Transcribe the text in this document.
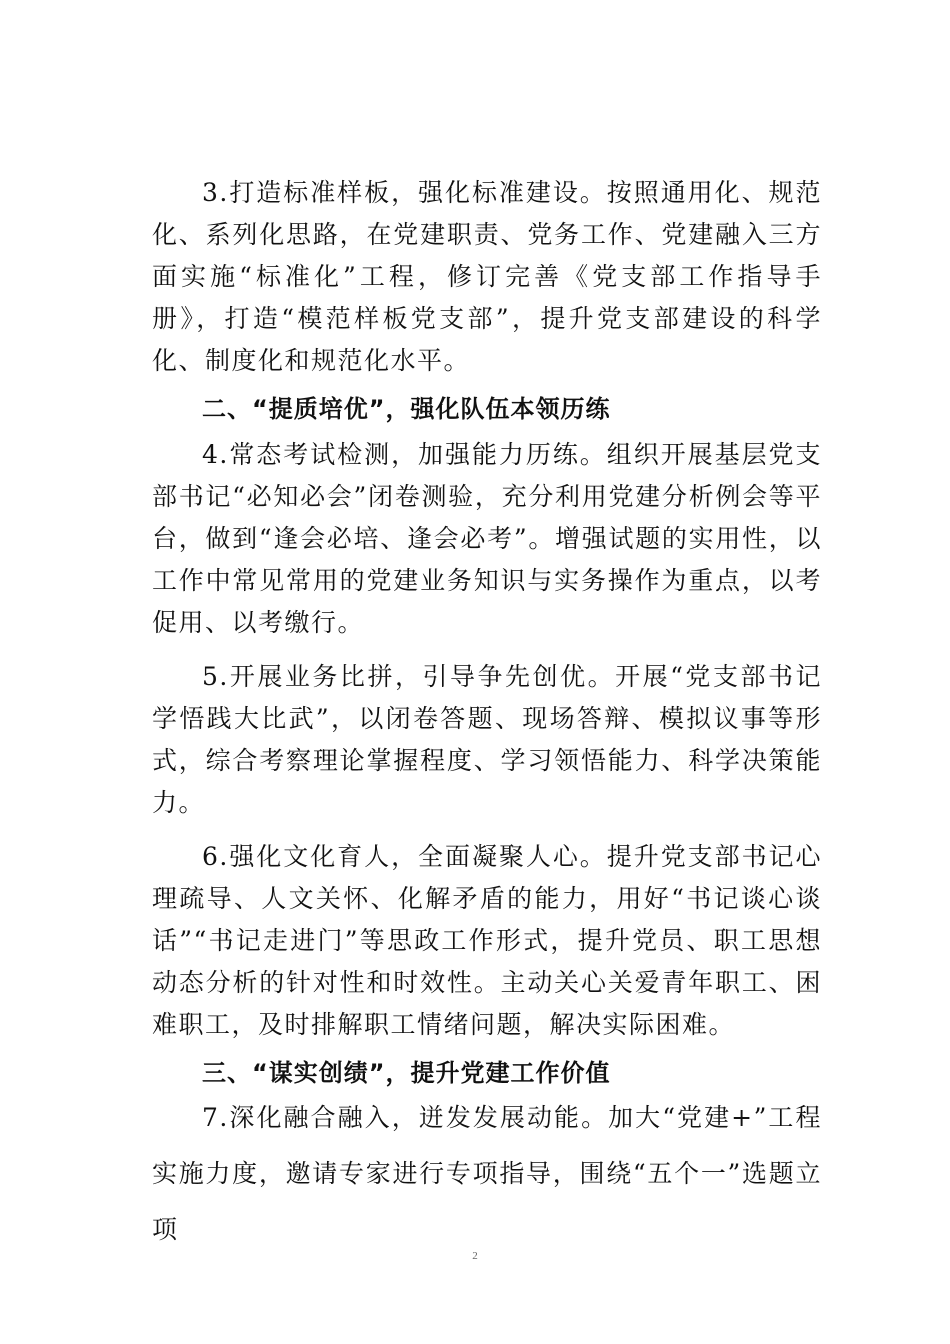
3.打造标准样板，强化标准建设。按照通用化、规范化、系列化思路，在党建职责、党务工作、党建融入三方面实施“标准化”工程，修订完善《党支部工作指导手册》，打造“模范样板党支部”，提升党支部建设的科学化、制度化和规范化水平。

二、“提质培优”，强化队伍本领历练

4.常态考试检测，加强能力历练。组织开展基层党支部书记“必知必会”闭卷测验，充分利用党建分析例会等平台，做到“逢会必培、逢会必考”。增强试题的实用性，以工作中常见常用的党建业务知识与实务操作为重点，以考促用、以考缴行。

5.开展业务比拼，引导争先创优。开展“党支部书记学悟践大比武”，以闭卷答题、现场答辩、模拟议事等形式，综合考察理论掌握程度、学习领悟能力、科学决策能力。

6.强化文化育人，全面凝聚人心。提升党支部书记心理疏导、人文关怀、化解矛盾的能力，用好“书记谈心谈话”“书记走进门”等思政工作形式，提升党员、职工思想动态分析的针对性和时效性。主动关心关爱青年职工、困难职工，及时排解职工情绪问题，解决实际困难。

三、“谋实创绩”，提升党建工作价值

7.深化融合融入，迸发发展动能。加大“党建+”工程实施力度，邀请专家进行专项指导，围绕“五个一”选题立项

2
